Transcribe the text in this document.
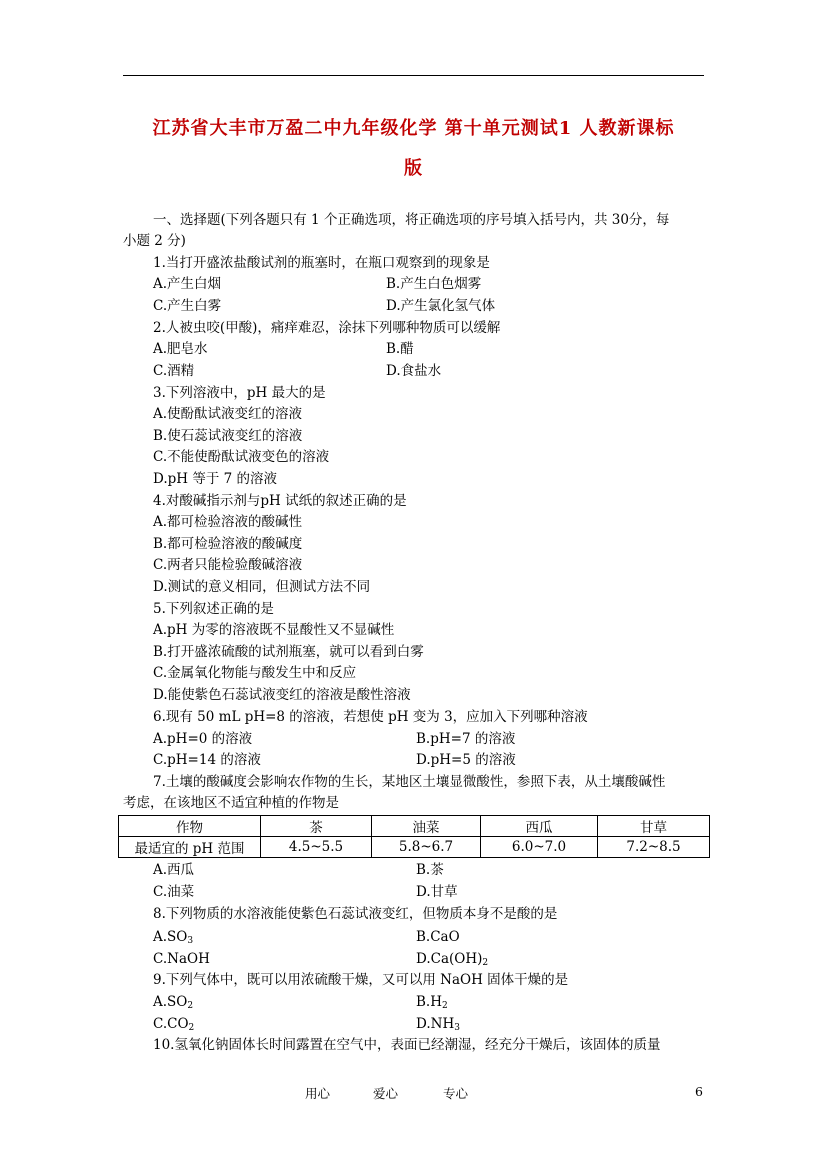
江苏省大丰市万盈二中九年级化学 第十单元测试1 人教新课标
版
一、选择题(下列各题只有 1 个正确选项，将正确选项的序号填入括号内，共 30分，每
小题 2 分)
1.当打开盛浓盐酸试剂的瓶塞时，在瓶口观察到的现象是
A.产生白烟	B.产生白色烟雾
C.产生白雾	D.产生氯化氢气体
2.人被虫咬(甲酸)，痛痒难忍，涂抹下列哪种物质可以缓解
A.肥皂水	B.醋
C.酒精	D.食盐水
3.下列溶液中，pH 最大的是
A.使酚酞试液变红的溶液
B.使石蕊试液变红的溶液
C.不能使酚酞试液变色的溶液
D.pH 等于 7 的溶液
4.对酸碱指示剂与pH 试纸的叙述正确的是
A.都可检验溶液的酸碱性
B.都可检验溶液的酸碱度
C.两者只能检验酸碱溶液
D.测试的意义相同，但测试方法不同
5.下列叙述正确的是
A.pH 为零的溶液既不显酸性又不显碱性
B.打开盛浓硫酸的试剂瓶塞，就可以看到白雾
C.金属氧化物能与酸发生中和反应
D.能使紫色石蕊试液变红的溶液是酸性溶液
6.现有 50 mL pH=8 的溶液，若想使 pH 变为 3，应加入下列哪种溶液
A.pH=0 的溶液	B.pH=7 的溶液
C.pH=14 的溶液	D.pH=5 的溶液
7.土壤的酸碱度会影响农作物的生长，某地区土壤显微酸性，参照下表，从土壤酸碱性
考虑，在该地区不适宜种植的作物是
作物	茶	油菜	西瓜	甘草
最适宜的 pH 范围	4.5~5.5	5.8~6.7	6.0~7.0	7.2~8.5
A.西瓜	B.茶
C.油菜	D.甘草
8.下列物质的水溶液能使紫色石蕊试液变红，但物质本身不是酸的是
$A.SO_3$	B.CaO
C.NaOH	$D.Ca(OH)_2$
9.下列气体中，既可以用浓硫酸干燥，又可以用 NaOH 固体干燥的是
$A.SO_2$	$B.H_2$
$C.CO_2$	$D.NH_3$
10.氢氧化钠固体长时间露置在空气中，表面已经潮湿，经充分干燥后，该固体的质量
用心	爱心	专心	6
